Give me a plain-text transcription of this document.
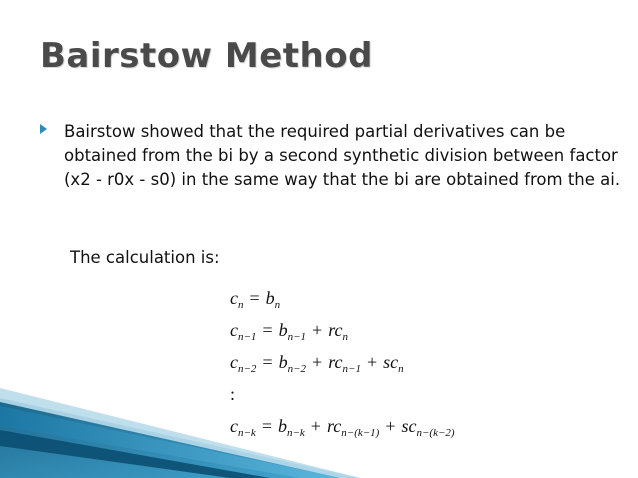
Bairstow Method
Bairstow showed that the required partial derivatives can be obtained from the bi by a second synthetic division between factor (x2 - r0x - s0) in the same way that the bi are obtained from the ai.
The calculation is:
$c_n = b_n$
$c_{n-1} = b_{n-1} + rc_n$
$c_{n-2} = b_{n-2} + rc_{n-1} + sc_n$
:
$c_{n-k} = b_{n-k} + rc_{n-(k-1)} + sc_{n-(k-2)}$
